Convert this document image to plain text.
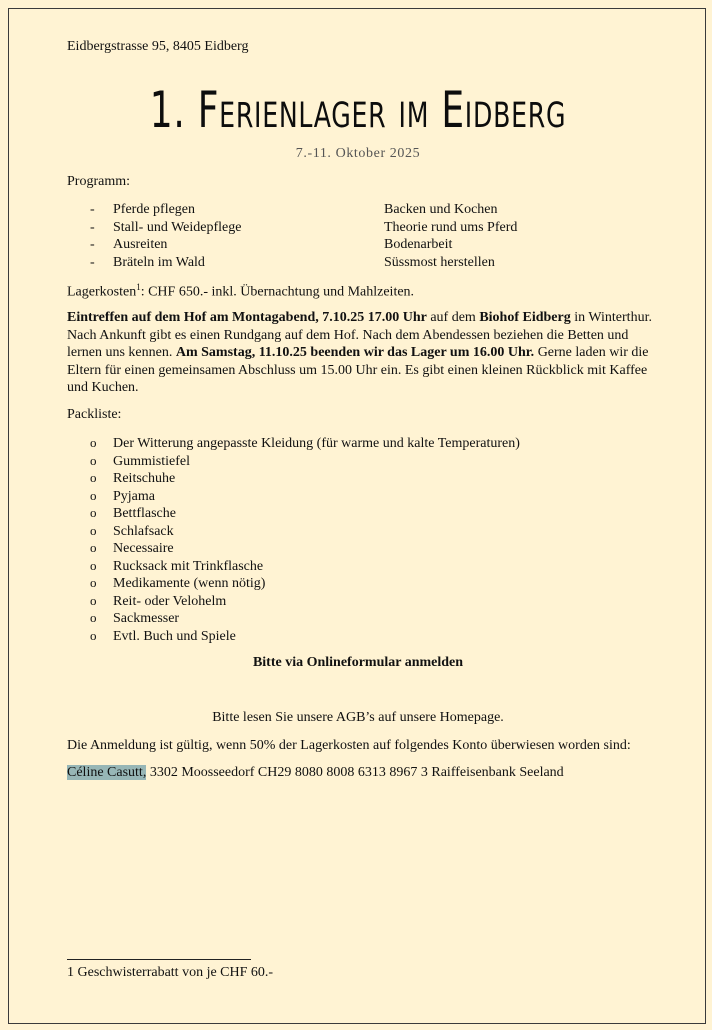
Eidbergstrasse 95, 8405 Eidberg
1. Ferienlager im Eidberg
7.-11. Oktober 2025
Programm:
- Pferde pflegen	Backen und Kochen
- Stall- und Weidepflege	Theorie rund ums Pferd
- Ausreiten	Bodenarbeit
- Bräteln im Wald	Süssmost herstellen
Lagerkosten$^1$: CHF 650.- inkl. Übernachtung und Mahlzeiten.
Eintreffen auf dem Hof am Montagabend, 7.10.25 17.00 Uhr auf dem Biohof Eidberg in Winterthur. Nach Ankunft gibt es einen Rundgang auf dem Hof. Nach dem Abendessen beziehen die Betten und lernen uns kennen. Am Samstag, 11.10.25 beenden wir das Lager um 16.00 Uhr. Gerne laden wir die Eltern für einen gemeinsamen Abschluss um 15.00 Uhr ein. Es gibt einen kleinen Rückblick mit Kaffee und Kuchen.
Packliste:
o Der Witterung angepasste Kleidung (für warme und kalte Temperaturen)
o Gummistiefel
o Reitschuhe
o Pyjama
o Bettflasche
o Schlafsack
o Necessaire
o Rucksack mit Trinkflasche
o Medikamente (wenn nötig)
o Reit- oder Velohelm
o Sackmesser
o Evtl. Buch und Spiele
Bitte via Onlineformular anmelden
Bitte lesen Sie unsere AGB’s auf unsere Homepage.
Die Anmeldung ist gültig, wenn 50% der Lagerkosten auf folgendes Konto überwiesen worden sind:
Céline Casutt, 3302 Moosseedorf CH29 8080 8008 6313 8967 3 Raiffeisenbank Seeland
1 Geschwisterrabatt von je CHF 60.-
